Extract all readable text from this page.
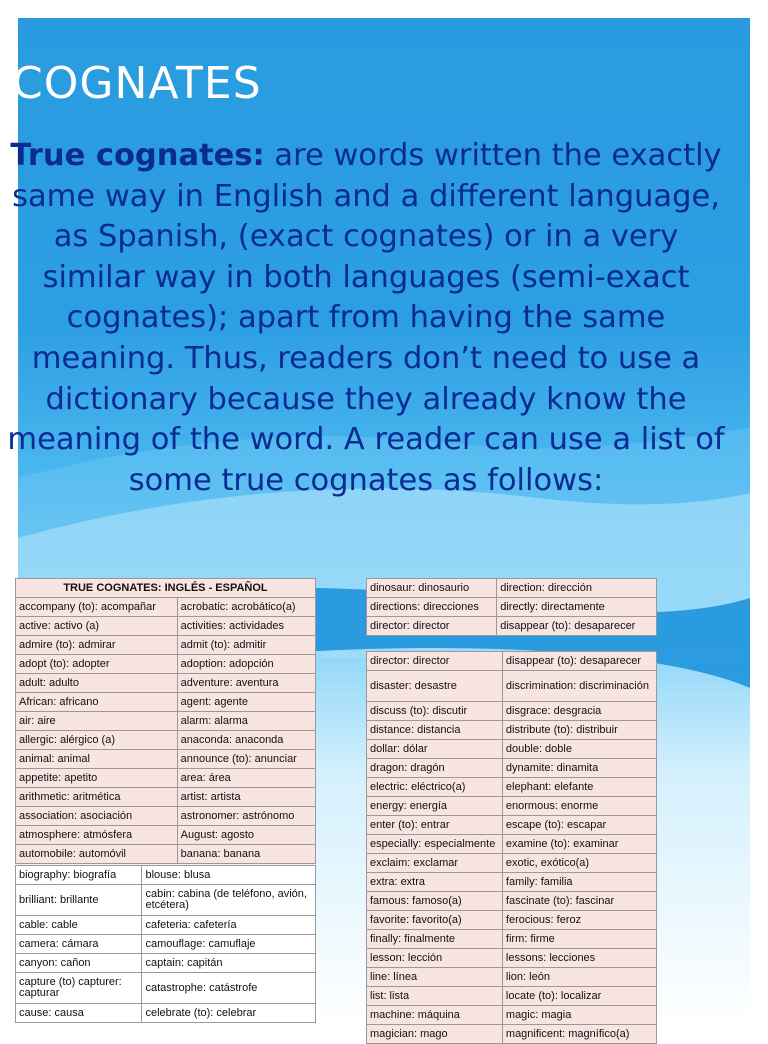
COGNATES
True cognates: are words written the exactly same way in English and a different language, as Spanish, (exact cognates) or in a very similar way in both languages (semi-exact cognates); apart from having the same meaning. Thus, readers don’t need to use a dictionary because they already know the meaning of the word. A reader can use a list of some true cognates as follows:
TRUE COGNATES: INGLÉS - ESPAÑOL	
accompany (to): acompañar	acrobatic: acrobático(a)
active: activo (a)	activities: actividades
admire (to): admirar	admit (to): admitir
adopt (to): adopter	adoption: adopción
adult: adulto	adventure: aventura
African: africano	agent: agente
air: aire	alarm: alarma
allergic: alérgico (a)	anaconda: anaconda
animal: animal	announce (to): anunciar
appetite: apetito	area: área
arithmetic: aritmética	artist: artista
association: asociación	astronomer: astrónomo
atmosphere: atmósfera	August: agosto
automobile: automóvil	banana: banana
biography: biografía	blouse: blusa
brilliant: brillante	cabin: cabina (de teléfono, avión, etcétera)
cable: cable	cafeteria: cafetería
camera: cámara	camouflage: camuflaje
canyon: cañon	captain: capitán
capture (to) capturer: capturar	catastrophe: catástrofe
cause: causa	celebrate (to): celebrar
dinosaur: dinosaurio	direction: dirección
directions: direcciones	directly: directamente
director: director	disappear (to): desaparecer
director: director	disappear (to): desaparecer
disaster: desastre	discrimination: discriminación
discuss (to): discutir	disgrace: desgracia
distance: distancia	distribute (to): distribuir
dollar: dólar	double: doble
dragon: dragón	dynamite: dinamita
electric: eléctrico(a)	elephant: elefante
energy: energía	enormous: enorme
enter (to): entrar	escape (to): escapar
especially: especialmente	examine (to): examinar
exclaim: exclamar	exotic, exótico(a)
extra: extra	family: familia
famous: famoso(a)	fascinate (to): fascinar
favorite: favorito(a)	ferocious: feroz
finally: finalmente	firm: firme
lesson: lección	lessons: lecciones
line: línea	lion: león
list: lista	locate (to): localizar
machine: máquina	magic: magia
magician: mago	magnificent: magnífico(a)
